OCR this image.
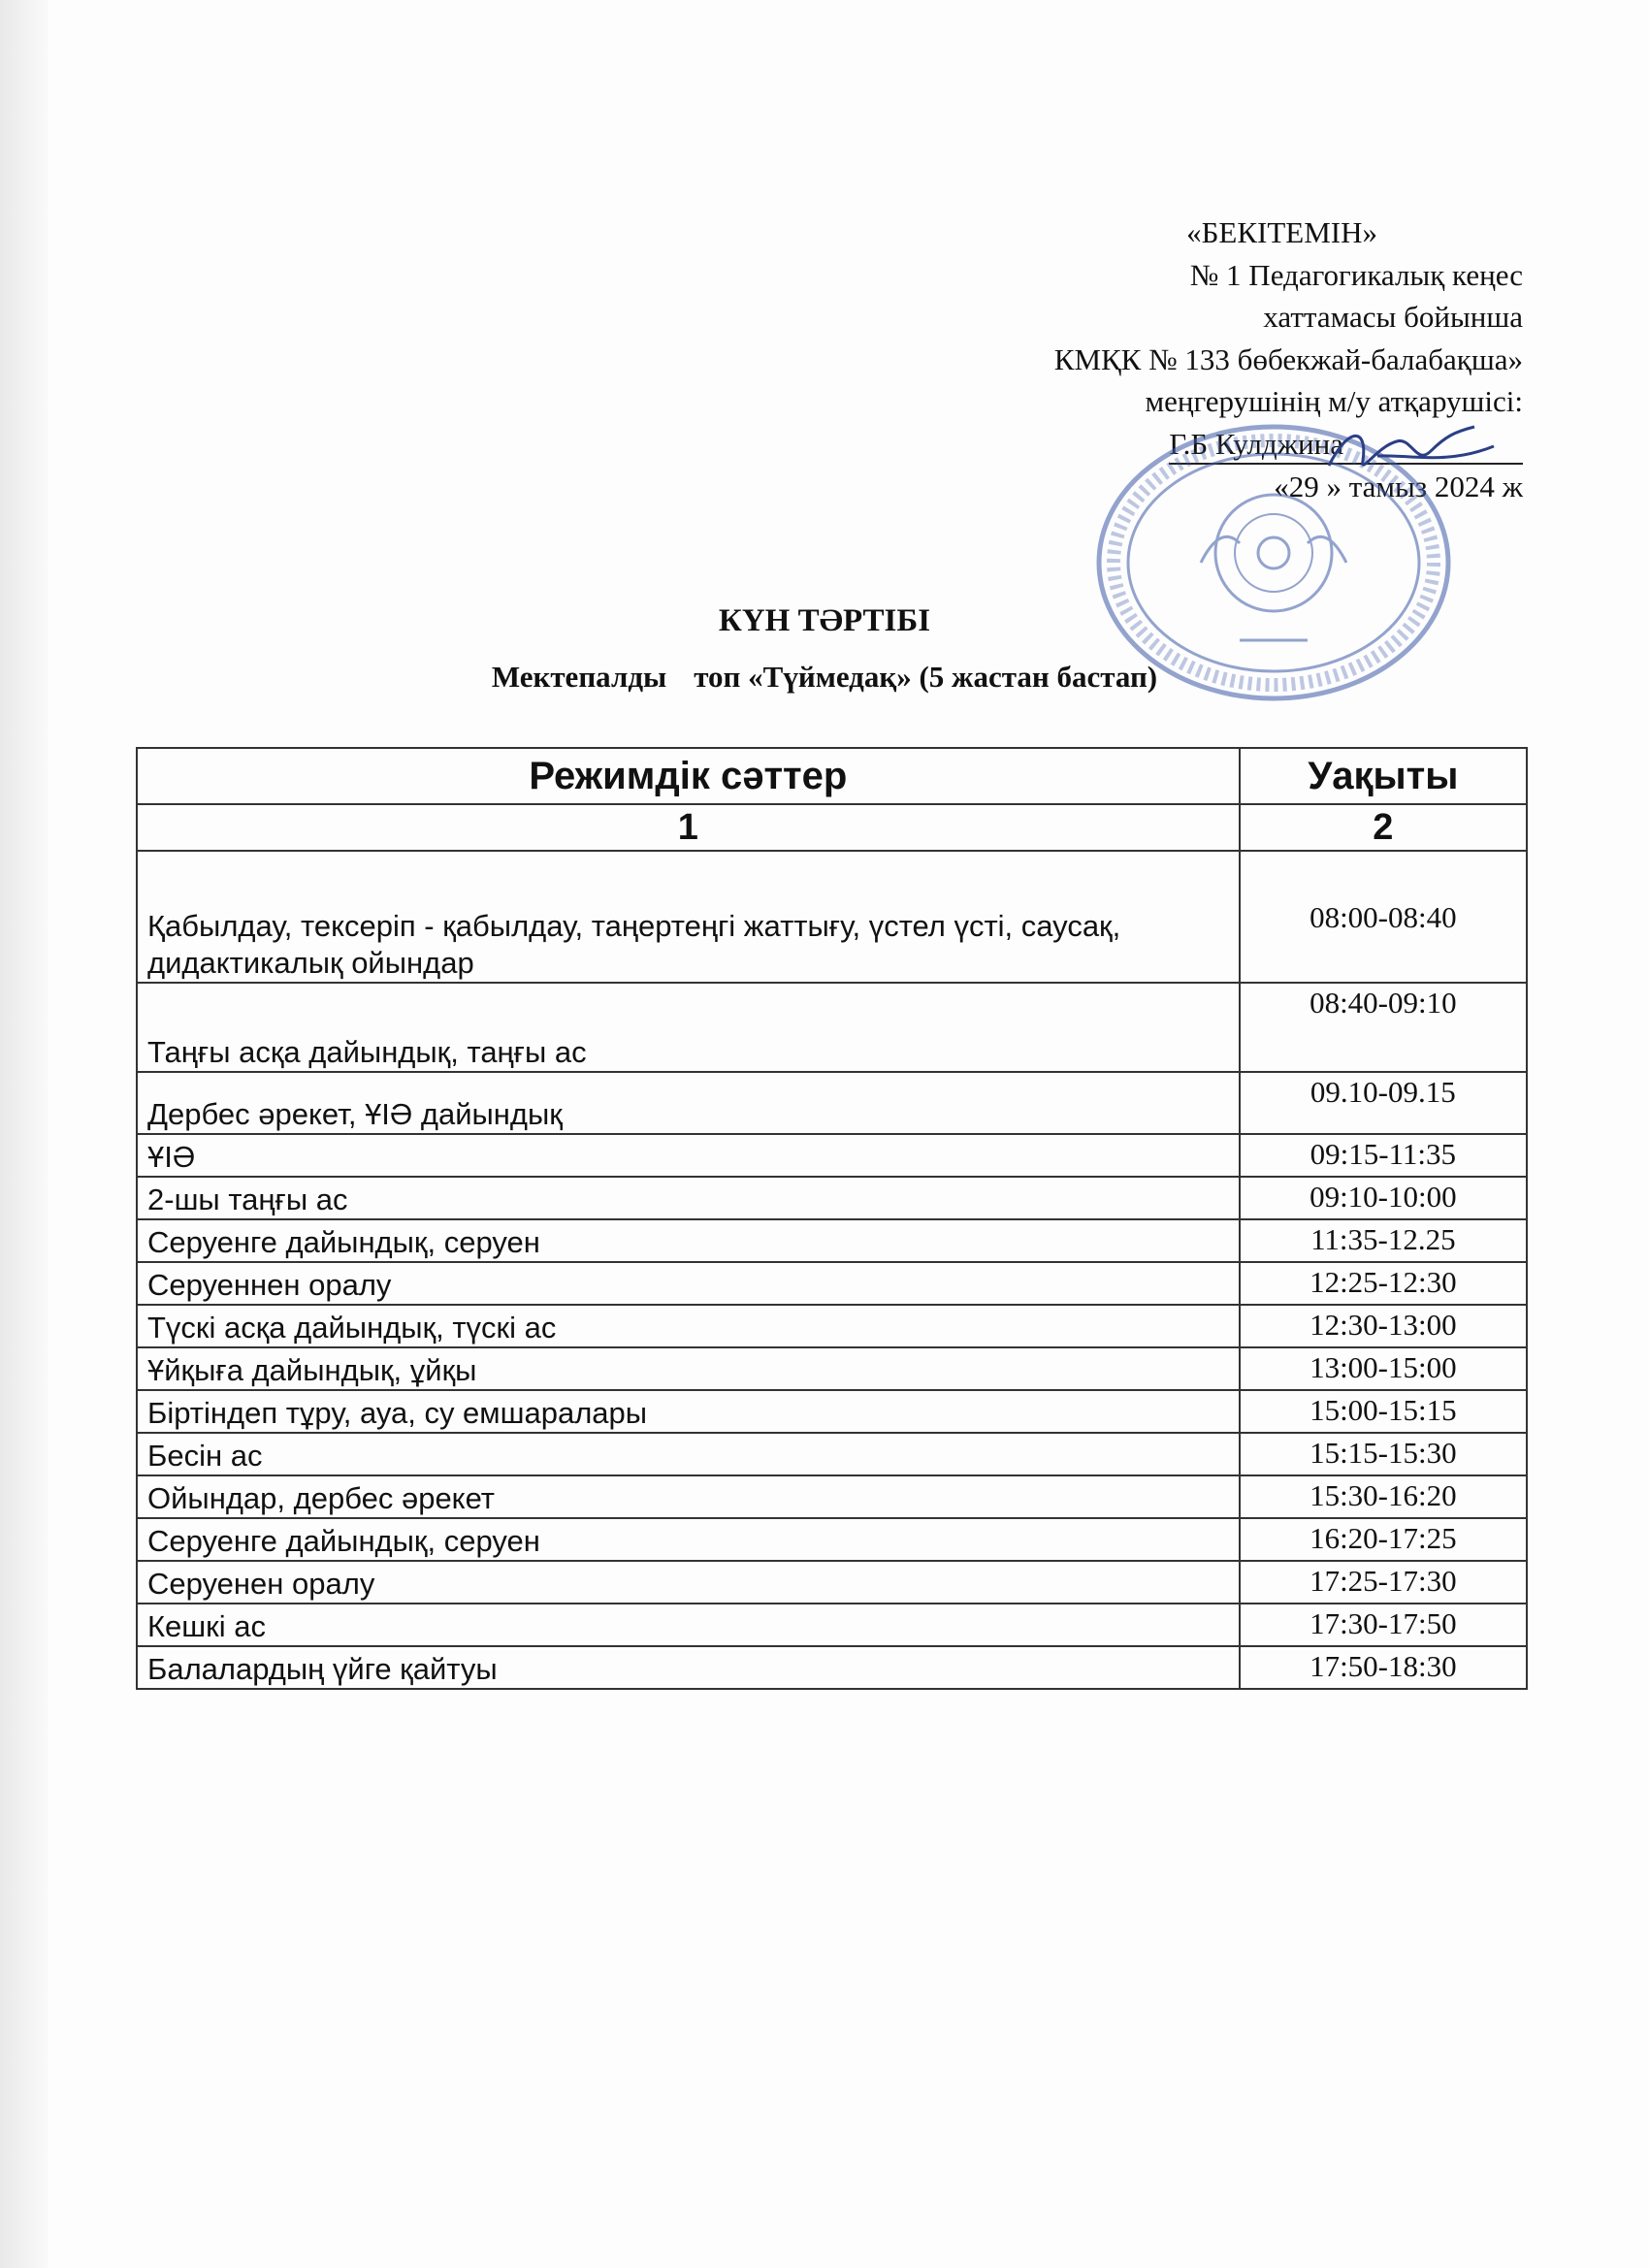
«БЕКІТЕМІН»
№ 1 Педагогикалық кеңес
хаттамасы бойынша
КМҚК № 133 бөбекжай-балабақша»
меңгерушінің м/у атқарушісі:
Г.Б Кулджина
«29 » тамыз 2024 ж
КҮН ТӘРТІБІ
Мектепалды топ «Түймедақ» (5 жастан бастап)
Режимдік сәттер	Уақыты
1	2
Қабылдау, тексеріп - қабылдау, таңертеңгі жаттығу, үстел үсті, саусақ, дидактикалық ойындар	08:00-08:40
Таңғы асқа дайындық, таңғы ас	08:40-09:10
Дербес әрекет, ҰІӘ дайындық	09.10-09.15
ҰІӘ	09:15-11:35
2-шы таңғы ас	09:10-10:00
Серуенге дайындық, серуен	11:35-12.25
Серуеннен оралу	12:25-12:30
Түскі асқа дайындық, түскі ас	12:30-13:00
Ұйқыға дайындық, ұйқы	13:00-15:00
Біртіндеп тұру, ауа, су емшаралары	15:00-15:15
Бесін ас	15:15-15:30
Ойындар, дербес әрекет	15:30-16:20
Серуенге дайындық, серуен	16:20-17:25
Серуенен оралу	17:25-17:30
Кешкі ас	17:30-17:50
Балалардың үйге қайтуы	17:50-18:30
